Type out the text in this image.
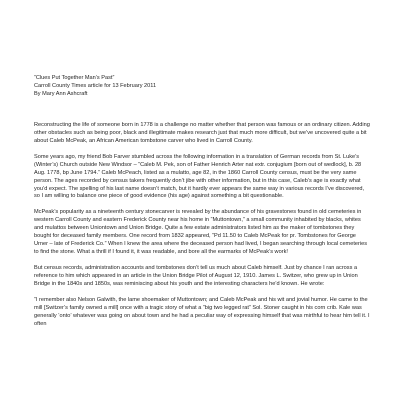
“Clues Put Together Man’s Past”
Carroll County Times article for 13 February 2011
By Mary Ann Ashcraft

Reconstructing the life of someone born in 1778 is a challenge no matter whether that person was famous or an ordinary citizen. Adding other obstacles such as being poor, black and illegitimate makes research just that much more difficult, but we’ve uncovered quite a bit about Caleb McPeak, an African American tombstone carver who lived in Carroll County.

Some years ago, my friend Bob Farver stumbled across the following information in a translation of German records from St. Luke’s (Winter’s) Church outside New Windsor – “Caleb M. Pek, son of Father Henrich Arter nat extr. conjugium [born out of wedlock], b. 28 Aug. 1778, bp June 1794.” Caleb McPeach, listed as a mulatto, age 82, in the 1860 Carroll County census, must be the very same person. The ages recorded by census takers frequently don’t jibe with other information, but in this case, Caleb’s age is exactly what you’d expect. The spelling of his last name doesn’t match, but it hardly ever appears the same way in various records I’ve discovered, so I am willing to balance one piece of good evidence (his age) against something a bit questionable.

McPeak’s popularity as a nineteenth century stonecarver is revealed by the abundance of his gravestones found in old cemeteries in western Carroll County and eastern Frederick County near his home in “Muttontown,” a small community inhabited by blacks, whites and mulattos between Uniontown and Union Bridge. Quite a few estate administrators listed him as the maker of tombstones they bought for deceased family members. One record from 1832 appeared, “Pd 11.50 to Caleb McPeak for pr. Tombstones for George Urner – late of Frederick Co.” When I knew the area where the deceased person had lived, I began searching through local cemeteries to find the stone. What a thrill if I found it, it was readable, and bore all the earmarks of McPeak’s work!

But census records, administration accounts and tombstones don’t tell us much about Caleb himself. Just by chance I ran across a reference to him which appeared in an article in the Union Bridge Pilot of August 12, 1910. James L. Switzer, who grew up in Union Bridge in the 1840s and 1850s, was reminiscing about his youth and the interesting characters he’d known. He wrote:

“I remember also Nelson Galwith, the lame shoemaker of Muttontown; and Caleb McPeak and his wit and jovial humor. He came to the mill [Switzer’s family owned a mill] once with a tragic story of what a “big two legged rat” Sol. Stoner caught in his corn crib. Kale was generally ‘onto’ whatever was going on about town and he had a peculiar way of expressing himself that was mirthful to hear him tell it. I often
